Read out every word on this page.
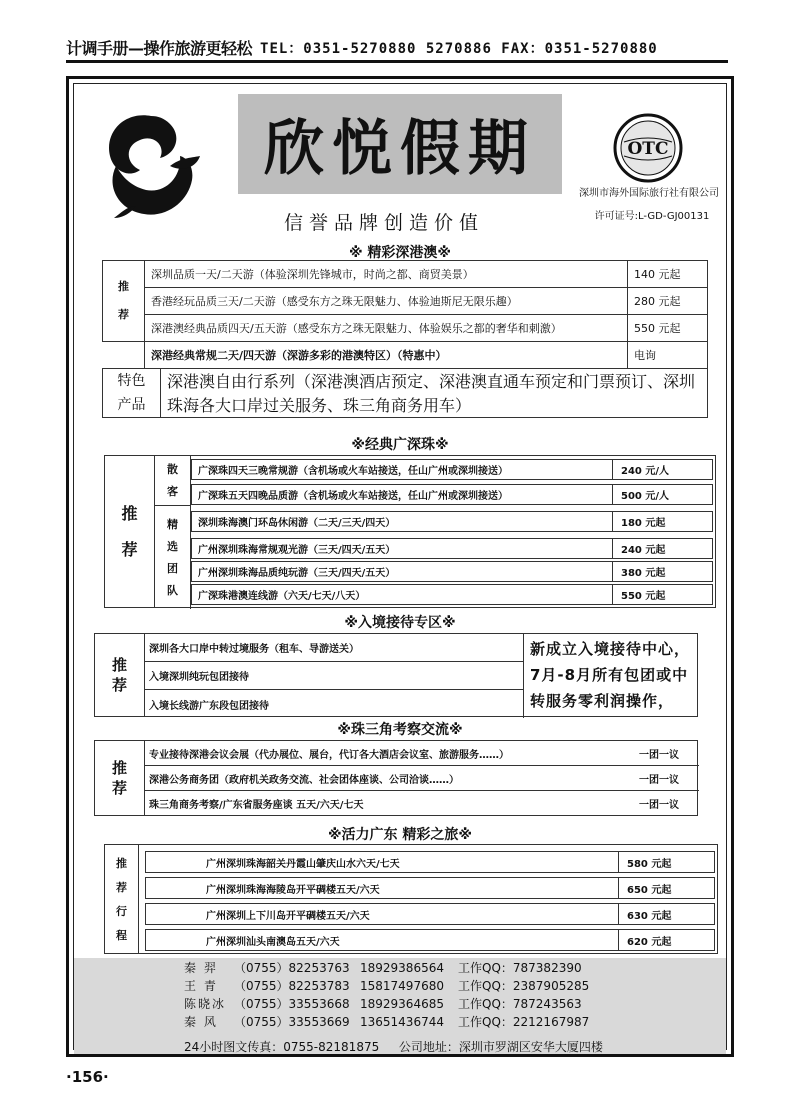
计调手册—操作旅游更轻松 TEL：0351-5270880 5270886 FAX：0351-5270880
欣悦假期	OTC
深圳市海外国际旅行社有限公司
许可证号:L-GD-GJ00131
信誉品牌创造价值
※ 精彩深港澳※
推
荐	深圳品质一天/二天游（体验深圳先锋城市，时尚之都、商贸美景）	140 元起
	香港经玩品质三天/二天游（感受东方之珠无限魅力、体验迪斯尼无限乐趣）	280 元起
	深港澳经典品质四天/五天游（感受东方之珠无限魅力、体验娱乐之都的奢华和刺激）	550 元起
	深港经典常规二天/四天游（深游多彩的港澳特区）（特惠中）	电询
特色
产品
深港澳自由行系列（深港澳酒店预定、深港澳直通车预定和门票预订、深圳珠海各大口岸过关服务、珠三角商务用车）
※经典广深珠※
推
荐
散
客
精
选
团
队
广深珠四天三晚常规游（含机场或火车站接送，任山广州或深圳接送）	240 元/人
广深珠五天四晚品质游（含机场或火车站接送，任山广州或深圳接送）	500 元/人
深圳珠海澳门环岛休闲游（二天/三天/四天）	180 元起
广州深圳珠海常规观光游（三天/四天/五天）	240 元起
广州深圳珠海品质纯玩游（三天/四天/五天）	380 元起
广深珠港澳连线游（六天/七天/八天）	550 元起
※入境接待专区※
推
荐
深圳各大口岸中转过境服务（租车、导游送关）
入境深圳纯玩包团接待
入境长线游广东段包团接待
新成立入境接待中心，7月-8月所有包团或中转服务零利润操作，
※珠三角考察交流※
推
荐
专业接待深港会议会展（代办展位、展台，代订各大酒店会议室、旅游服务……）	一团一议
深港公务商务团（政府机关政务交流、社会团体座谈、公司洽谈……）	一团一议
珠三角商务考察/广东省服务座谈 五天/六天/七天	一团一议
※活力广东 精彩之旅※
推
荐
行
程
广州深圳珠海韶关丹霞山肇庆山水六天/七天	580 元起
广州深圳珠海海陵岛开平碉楼五天/六天	650 元起
广州深圳上下川岛开平碉楼五天/六天	630 元起
广州深圳汕头南澳岛五天/六天	620 元起
秦 羿 （0755）82253763 18929386564 工作QQ：787382390
王 青 （0755）82253783 15817497680 工作QQ：2387905285
陈晓冰 （0755）33553668 18929364685 工作QQ：787243563
秦 风 （0755）33553669 13651436744 工作QQ：2212167987
24小时图文传真：0755-82181875 公司地址：深圳市罗湖区安华大厦四楼
·156·
